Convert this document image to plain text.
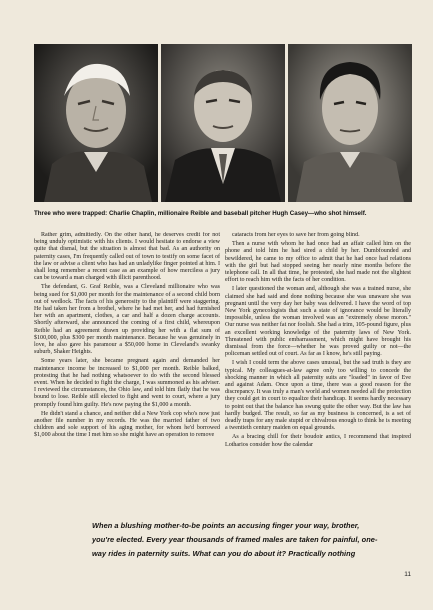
Three who were trapped: Charlie Chaplin, millionaire Reible and baseball pitcher Hugh Casey—who shot himself.

Rather grim, admittedly. On the other hand, he deserves credit for not being unduly optimistic with his clients. I would hesitate to endorse a view quite that dismal, but the situation is almost that bad. As an authority on paternity cases, I'm frequently called out of town to testify on some facet of the law or advise a client who has had an unladylike finger pointed at him. I shall long remember a recent case as an example of how merciless a jury can be toward a man charged with illicit parenthood.

The defendant, G. Graf Reible, was a Cleveland millionaire who was being sued for $1,000 per month for the maintenance of a second child born out of wedlock. The facts of his generosity to the plaintiff were staggering. He had taken her from a brothel, where he had met her, and had furnished her with an apartment, clothes, a car and half a dozen charge accounts. Shortly afterward, she announced the coming of a first child, whereupon Reible had an agreement drawn up providing her with a flat sum of $100,000, plus $300 per month maintenance. Because he was genuinely in love, he also gave his paramour a $50,000 home in Cleveland's swanky suburb, Shaker Heights.

Some years later, she became pregnant again and demanded her maintenance income be increased to $1,000 per month. Reible balked, protesting that he had nothing whatsoever to do with the second blessed event. When he decided to fight the charge, I was summoned as his adviser. I reviewed the circumstances, the Ohio law, and told him flatly that he was bound to lose. Reible still elected to fight and went to court, where a jury promptly found him guilty. He's now paying the $1,000 a month.

He didn't stand a chance, and neither did a New York cop who's now just another file number in my records. He was the married father of two children and sole support of his aging mother, for whom he'd borrowed $1,000 about the time I met him so she might have an operation to remove

cataracts from her eyes to save her from going blind.

Then a nurse with whom he had once had an affair called him on the phone and told him he had sired a child by her. Dumbfounded and bewildered, he came to my office to admit that he had once had relations with the girl but had stopped seeing her nearly nine months before the telephone call. In all that time, he protested, she had made not the slightest effort to reach him with the facts of her condition.

I later questioned the woman and, although she was a trained nurse, she claimed she had said and done nothing because she was unaware she was pregnant until the very day her baby was delivered. I have the word of top New York gynecologists that such a state of ignorance would be literally impossible, unless the woman involved was an "extremely obese moron." Our nurse was neither fat nor foolish. She had a trim, 105-pound figure, plus an excellent working knowledge of the paternity laws of New York. Threatened with public embarrassment, which might have brought his dismissal from the force—whether he was proved guilty or not—the policeman settled out of court. As far as I know, he's still paying.

I wish I could term the above cases unusual, but the sad truth is they are typical. My colleagues-at-law agree only too willing to concede the shocking manner in which all paternity suits are "loaded" in favor of Eve and against Adam. Once upon a time, there was a good reason for the discrepancy. It was truly a man's world and women needed all the protection they could get in court to equalize their handicap. It seems hardly necessary to point out that the balance has swung quite the other way. But the law has hardly budged. The result, so far as my business is concerned, is a set of deadly traps for any male stupid or chivalrous enough to think he is meeting a twentieth century maiden on equal grounds.

As a bracing chill for their boudoir antics, I recommend that inspired Lotharios consider how the calendar

When a blushing mother-to-be points an accusing finger your way, brother,
you're elected. Every year thousands of framed males are taken for painful, one-
way rides in paternity suits. What can you do about it? Practically nothing
11
